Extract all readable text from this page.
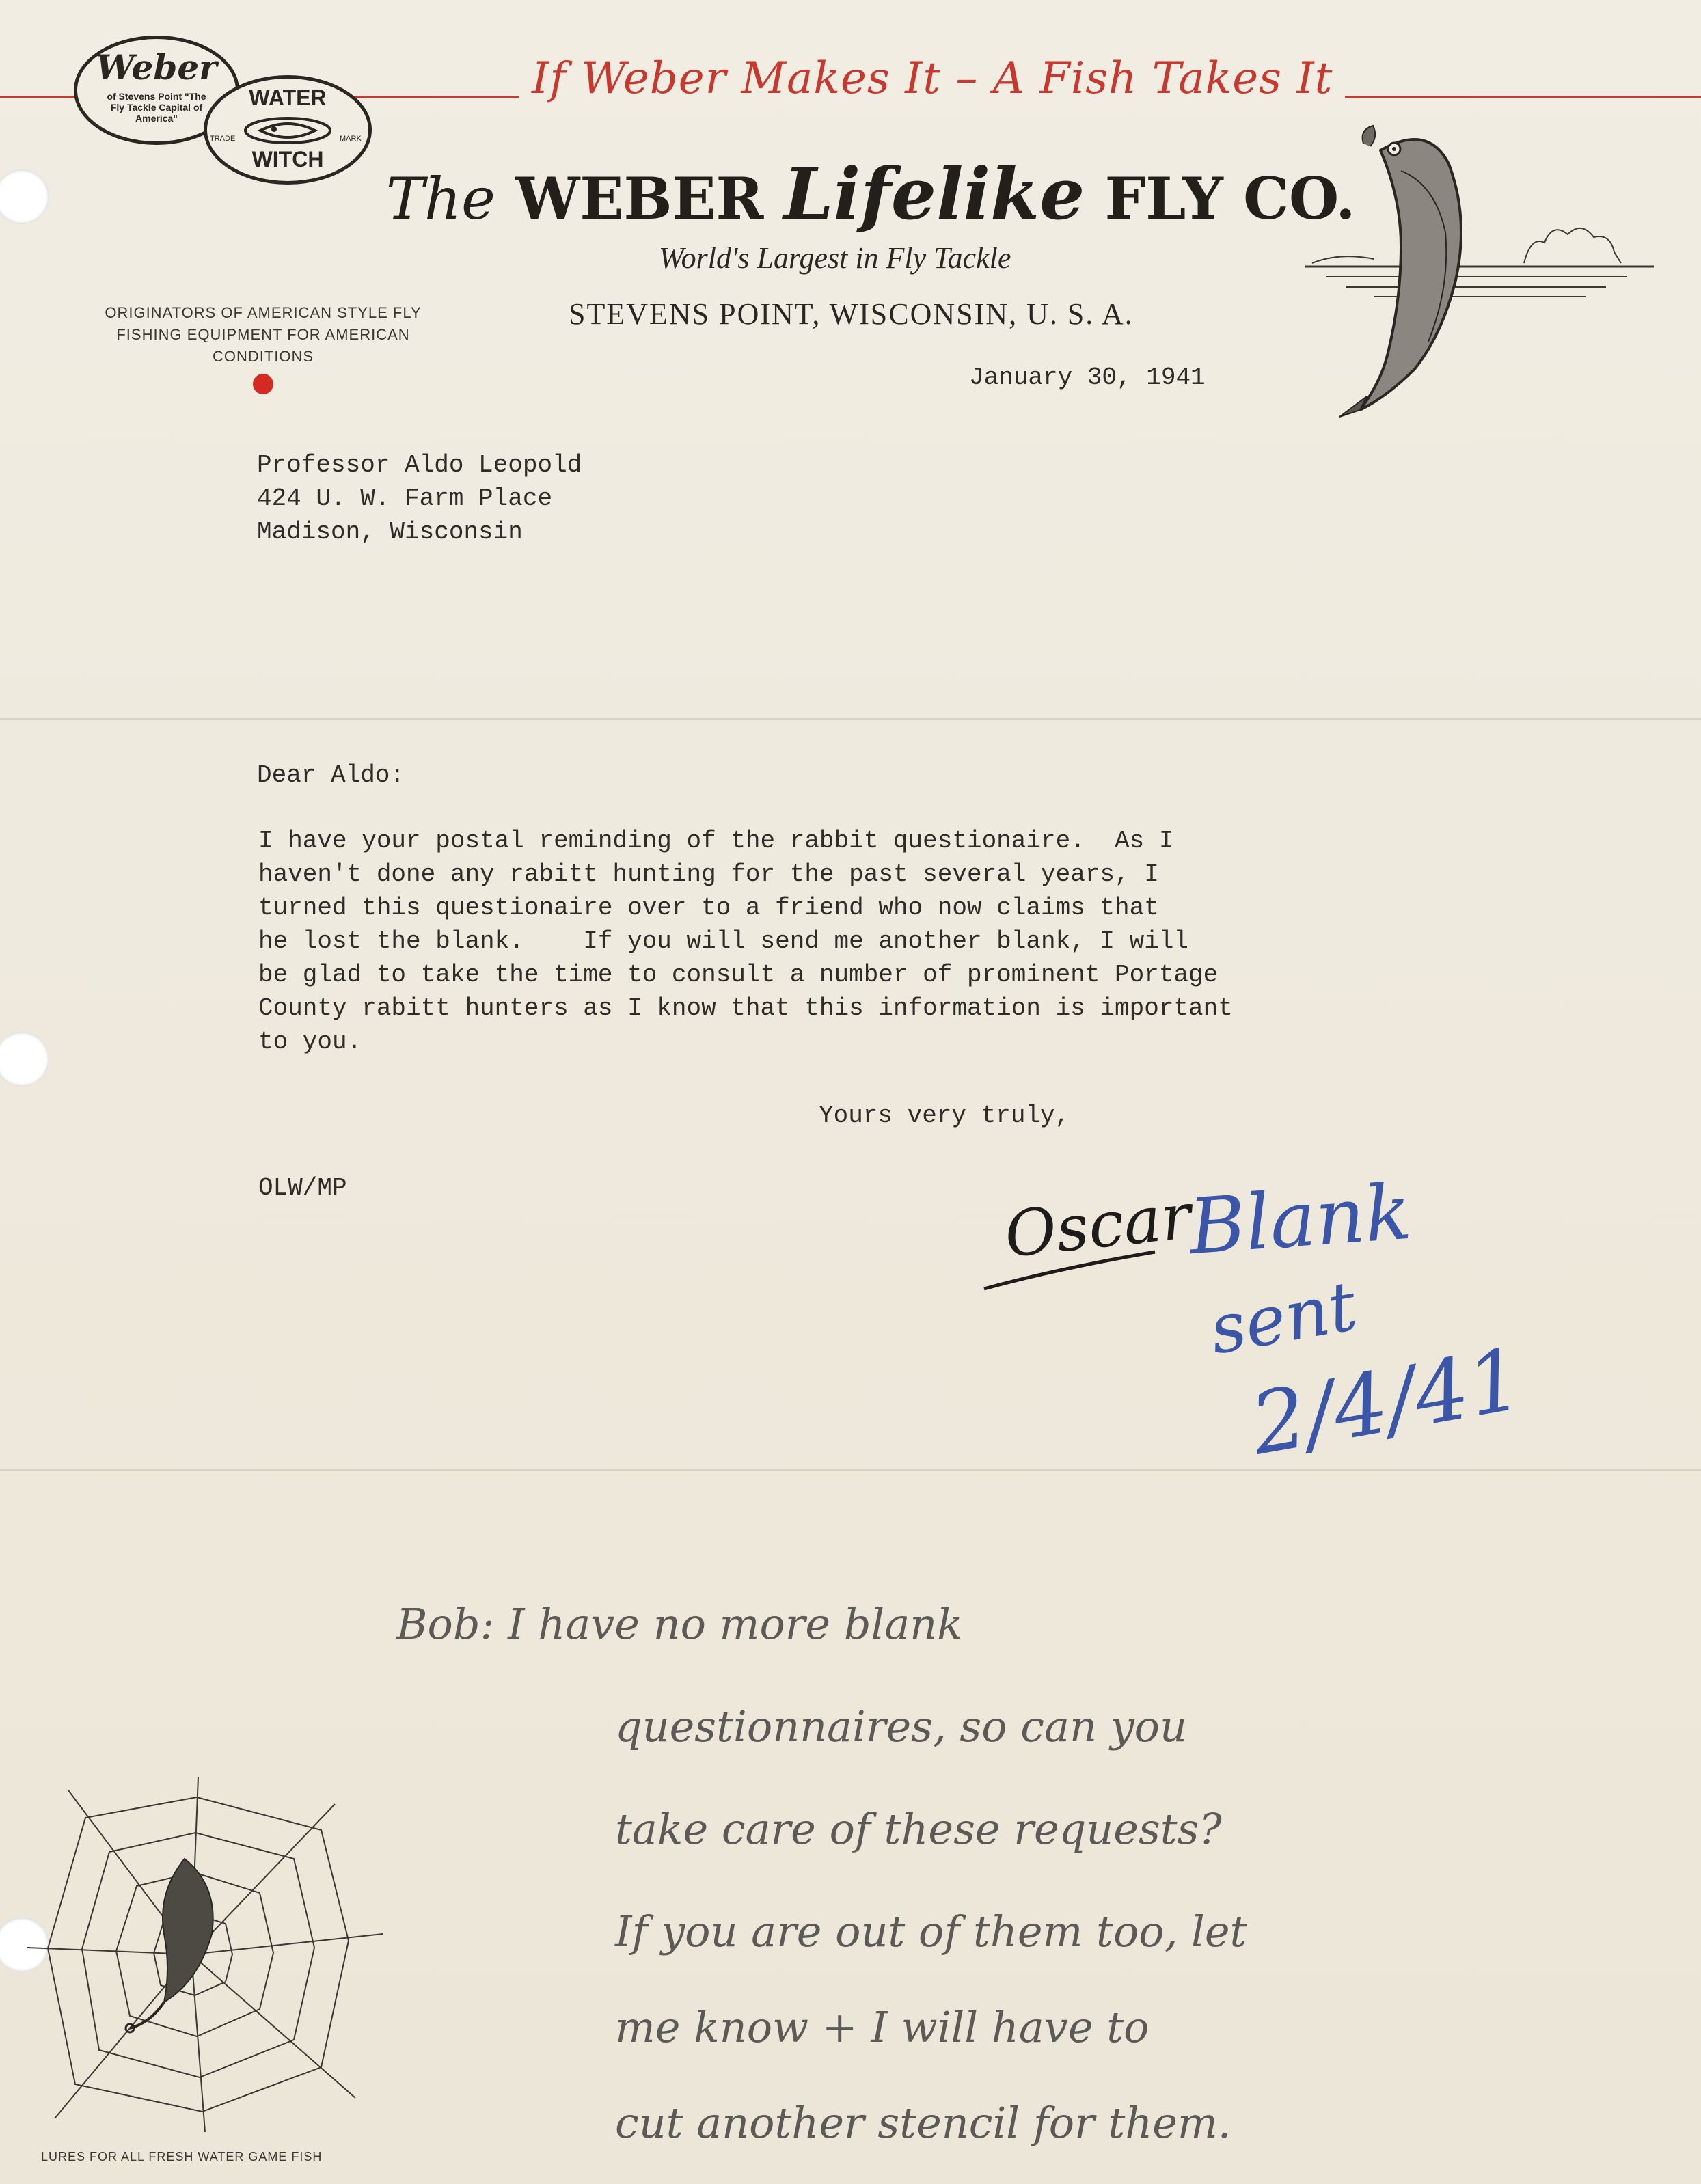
If Weber Makes It – A Fish Takes It
Weber
of Stevens Point "The Fly Tackle Capital of America"
WATER
TRADE	MARK
WITCH
The WEBER Lifelike FLY CO.
World's Largest in Fly Tackle
STEVENS POINT, WISCONSIN, U. S. A.
ORIGINATORS OF AMERICAN STYLE FLY FISHING EQUIPMENT FOR AMERICAN CONDITIONS
January 30, 1941
Professor Aldo Leopold
424 U. W. Farm Place
Madison, Wisconsin
Dear Aldo:
I have your postal reminding of the rabbit questionaire.  As I
haven't done any rabitt hunting for the past several years, I
turned this questionaire over to a friend who now claims that
he lost the blank.    If you will send me another blank, I will
be glad to take the time to consult a number of prominent Portage
County rabitt hunters as I know that this information is important
to you.
Yours very truly,
OLW/MP	Oscar
Blank
sent
2/4/41
Bob: I have no more blank
questionnaires, so can you
take care of these requests?
If you are out of them too, let
me know + I will have to
cut another stencil for them.
LURES FOR ALL FRESH WATER GAME FISH
